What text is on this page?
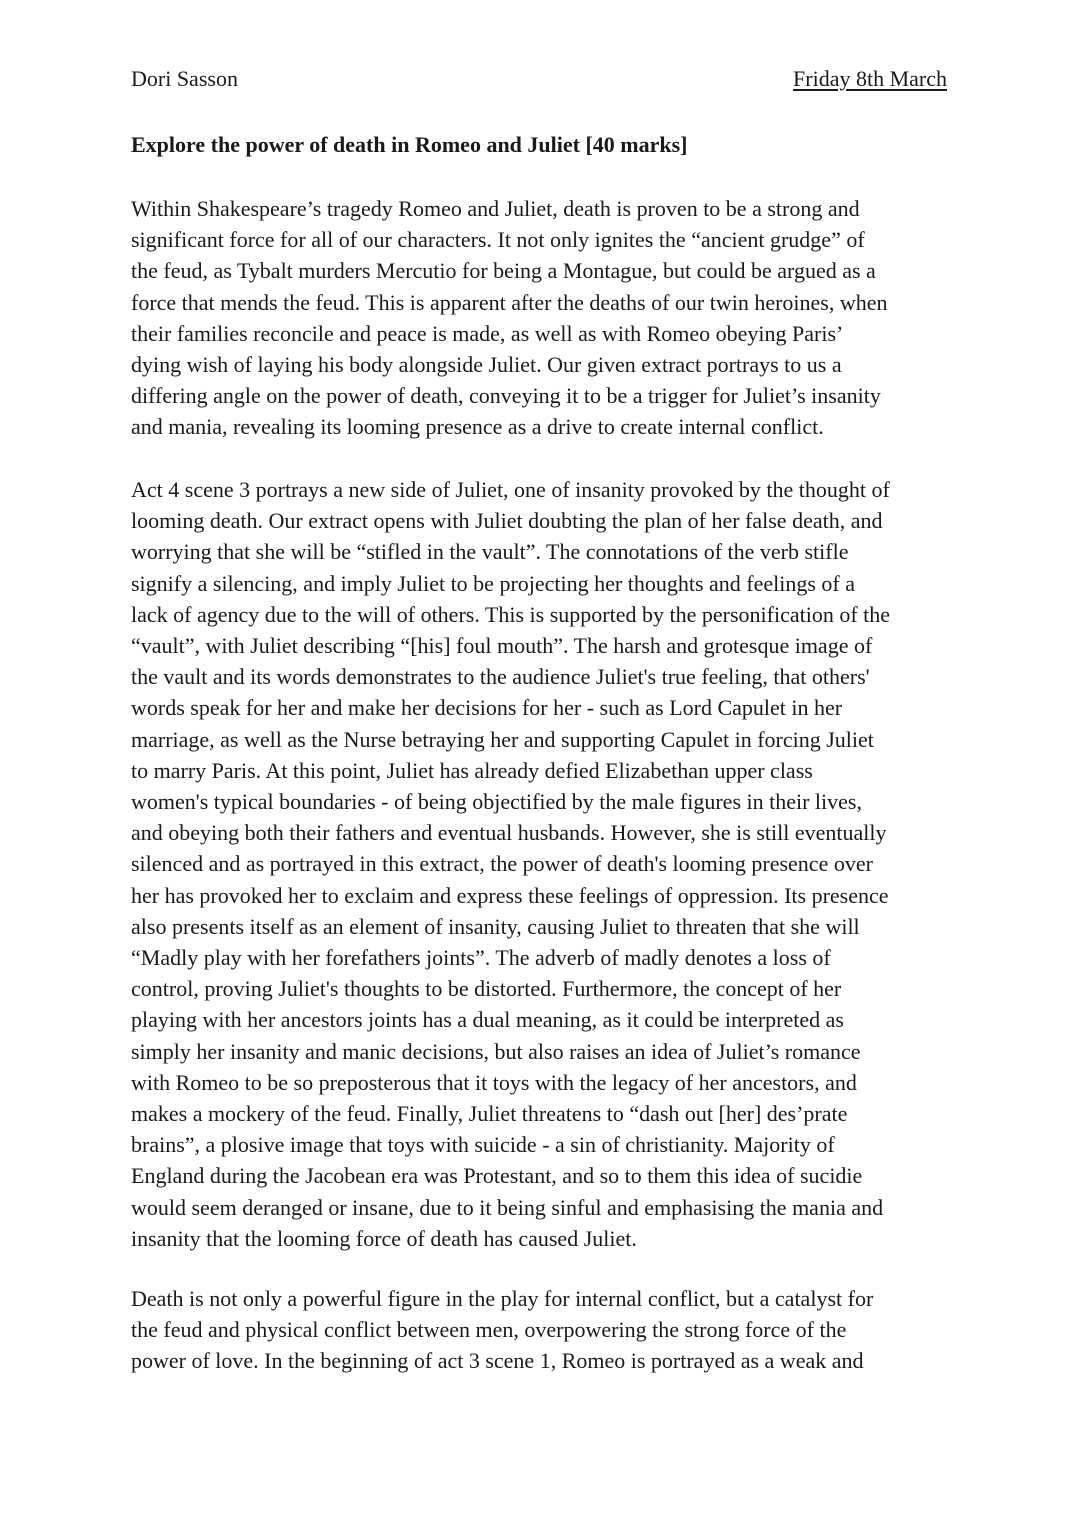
Dori Sasson	Friday 8th March
Explore the power of death in Romeo and Juliet [40 marks]
Within Shakespeare’s tragedy Romeo and Juliet, death is proven to be a strong and
significant force for all of our characters. It not only ignites the “ancient grudge” of
the feud, as Tybalt murders Mercutio for being a Montague, but could be argued as a
force that mends the feud. This is apparent after the deaths of our twin heroines, when
their families reconcile and peace is made, as well as with Romeo obeying Paris’
dying wish of laying his body alongside Juliet. Our given extract portrays to us a
differing angle on the power of death, conveying it to be a trigger for Juliet’s insanity
and mania, revealing its looming presence as a drive to create internal conflict.
Act 4 scene 3 portrays a new side of Juliet, one of insanity provoked by the thought of
looming death. Our extract opens with Juliet doubting the plan of her false death, and
worrying that she will be “stifled in the vault”. The connotations of the verb stifle
signify a silencing, and imply Juliet to be projecting her thoughts and feelings of a
lack of agency due to the will of others. This is supported by the personification of the
“vault”, with Juliet describing “[his] foul mouth”. The harsh and grotesque image of
the vault and its words demonstrates to the audience Juliet's true feeling, that others'
words speak for her and make her decisions for her - such as Lord Capulet in her
marriage, as well as the Nurse betraying her and supporting Capulet in forcing Juliet
to marry Paris. At this point, Juliet has already defied Elizabethan upper class
women's typical boundaries - of being objectified by the male figures in their lives,
and obeying both their fathers and eventual husbands. However, she is still eventually
silenced and as portrayed in this extract, the power of death's looming presence over
her has provoked her to exclaim and express these feelings of oppression. Its presence
also presents itself as an element of insanity, causing Juliet to threaten that she will
“Madly play with her forefathers joints”. The adverb of madly denotes a loss of
control, proving Juliet's thoughts to be distorted. Furthermore, the concept of her
playing with her ancestors joints has a dual meaning, as it could be interpreted as
simply her insanity and manic decisions, but also raises an idea of Juliet’s romance
with Romeo to be so preposterous that it toys with the legacy of her ancestors, and
makes a mockery of the feud. Finally, Juliet threatens to “dash out [her] des’prate
brains”, a plosive image that toys with suicide - a sin of christianity. Majority of
England during the Jacobean era was Protestant, and so to them this idea of sucidie
would seem deranged or insane, due to it being sinful and emphasising the mania and
insanity that the looming force of death has caused Juliet.
Death is not only a powerful figure in the play for internal conflict, but a catalyst for
the feud and physical conflict between men, overpowering the strong force of the
power of love. In the beginning of act 3 scene 1, Romeo is portrayed as a weak and
